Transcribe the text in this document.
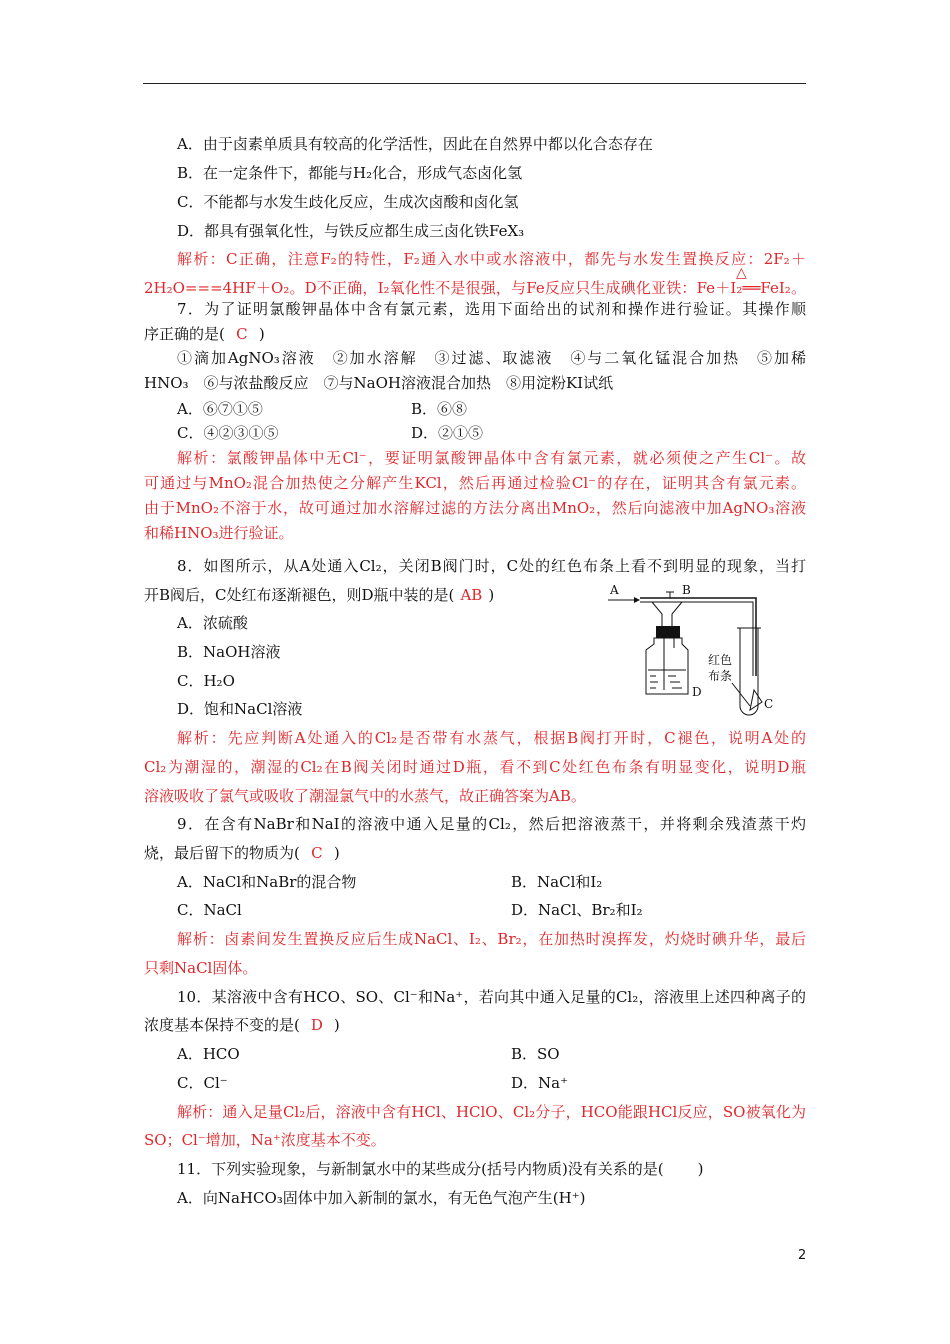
A．由于卤素单质具有较高的化学活性，因此在自然界中都以化合态存在
B．在一定条件下，都能与H₂化合，形成气态卤化氢
C．不能都与水发生歧化反应，生成次卤酸和卤化氢
D．都具有强氧化性，与铁反应都生成三卤化铁FeX₃
解析：C正确，注意F₂的特性，F₂通入水中或水溶液中，都先与水发生置换反应：2F₂＋
2H₂O===4HF＋O₂。D不正确，I₂氧化性不是很强，与Fe反应只生成碘化亚铁：Fe＋I₂══FeI₂。
△
7．为了证明氯酸钾晶体中含有氯元素，选用下面给出的试剂和操作进行验证。其操作顺
序正确的是( C )
①滴加AgNO₃溶液　②加水溶解　③过滤、取滤液　④与二氧化锰混合加热　⑤加稀
HNO₃　⑥与浓盐酸反应　⑦与NaOH溶液混合加热　⑧用淀粉KI试纸
A．⑥⑦①⑤	B．⑥⑧
C．④②③①⑤	D．②①⑤
解析：氯酸钾晶体中无Cl⁻，要证明氯酸钾晶体中含有氯元素，就必须使之产生Cl⁻。故
可通过与MnO₂混合加热使之分解产生KCl，然后再通过检验Cl⁻的存在，证明其含有氯元素。
由于MnO₂不溶于水，故可通过加水溶解过滤的方法分离出MnO₂，然后向滤液中加AgNO₃溶液
和稀HNO₃进行验证。
8．如图所示，从A处通入Cl₂，关闭B阀门时，C处的红色布条上看不到明显的现象，当打
开B阀后，C处红布逐渐褪色，则D瓶中装的是( AB )
A．浓硫酸
B．NaOH溶液
C．H₂O
D．饱和NaCl溶液
A	B
D
红色
布条
C
解析：先应判断A处通入的Cl₂是否带有水蒸气，根据B阀打开时，C褪色，说明A处的
Cl₂为潮湿的，潮湿的Cl₂在B阀关闭时通过D瓶，看不到C处红色布条有明显变化，说明D瓶
溶液吸收了氯气或吸收了潮湿氯气中的水蒸气，故正确答案为AB。
9．在含有NaBr和NaI的溶液中通入足量的Cl₂，然后把溶液蒸干，并将剩余残渣蒸干灼
烧，最后留下的物质为( C )
A．NaCl和NaBr的混合物	B．NaCl和I₂
C．NaCl	D．NaCl、Br₂和I₂
解析：卤素间发生置换反应后生成NaCl、I₂、Br₂，在加热时溴挥发，灼烧时碘升华，最后
只剩NaCl固体。
10．某溶液中含有HCO、SO、Cl⁻和Na⁺，若向其中通入足量的Cl₂，溶液里上述四种离子的
浓度基本保持不变的是( D )
A．HCO	B．SO
C．Cl⁻	D．Na⁺
解析：通入足量Cl₂后，溶液中含有HCl、HClO、Cl₂分子，HCO能跟HCl反应，SO被氧化为
SO；Cl⁻增加，Na⁺浓度基本不变。
11．下列实验现象，与新制氯水中的某些成分(括号内物质)没有关系的是( )
A．向NaHCO₃固体中加入新制的氯水，有无色气泡产生(H⁺)
2
